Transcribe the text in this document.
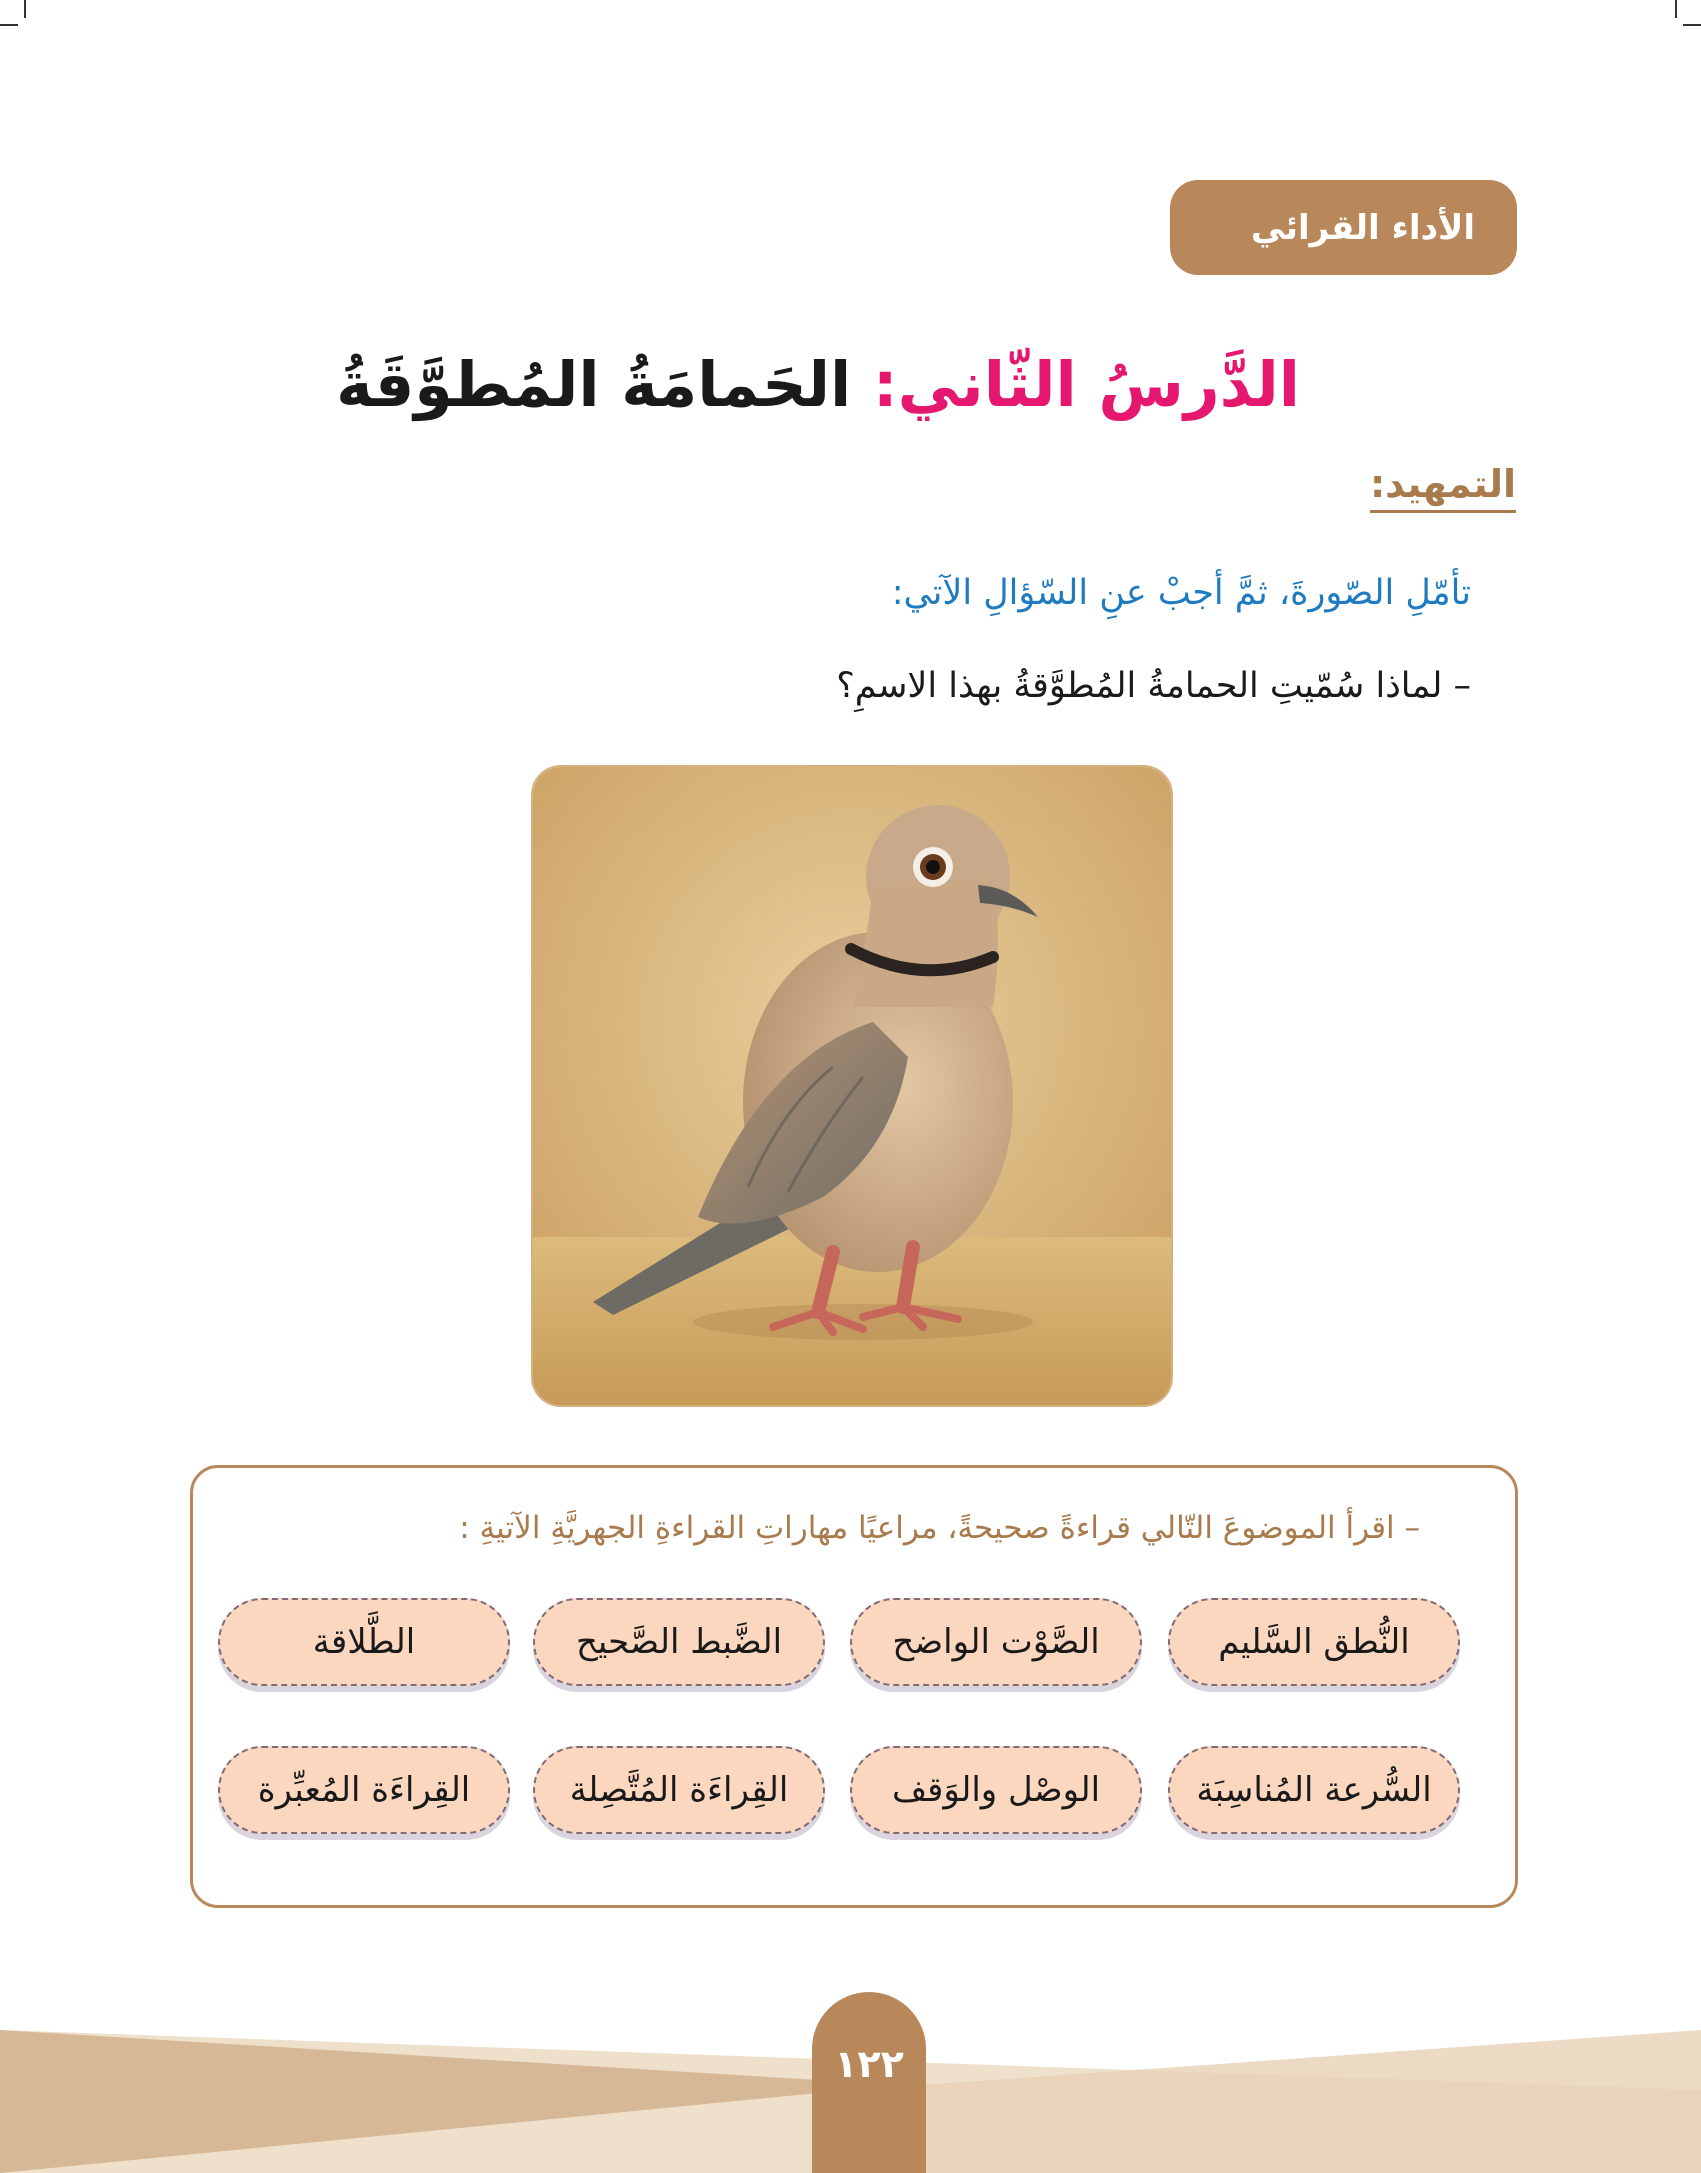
الأداء القرائي
الدَّرسُ الثّاني: الحَمامَةُ المُطوَّقَةُ
التمهيد:
تأمّلِ الصّورةَ، ثمَّ أجبْ عنِ السّؤالِ الآتي:
– لماذا سُمّيتِ الحمامةُ المُطوَّقةُ بهذا الاسمِ؟
– اقرأ الموضوعَ التّالي قراءةً صحيحةً، مراعيًا مهاراتِ القراءةِ الجهريَّةِ الآتيةِ :
النُّطق السَّليم
الصَّوْت الواضح
الضَّبط الصَّحيح
الطَّلاقة
السُّرعة المُناسِبَة
الوصْل والوَقف
القِراءَة المُتَّصِلة
القِراءَة المُعبِّرة
١٢٢
